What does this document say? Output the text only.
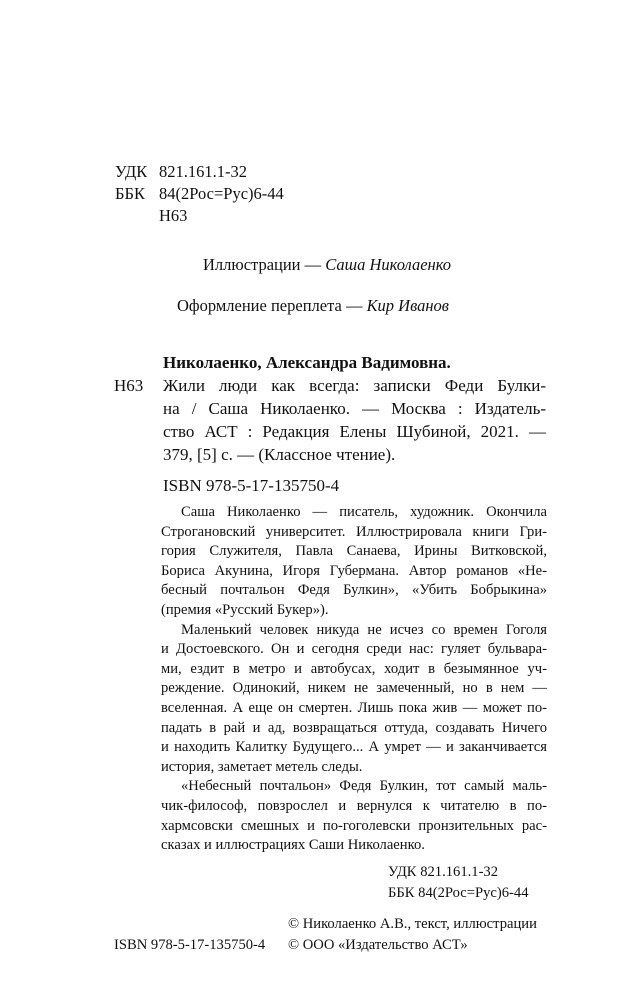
УДК 821.161.1-32
ББК 84(2Рос=Рус)6-44
Н63
Иллюстрации — Саша Николаенко
Оформление переплета — Кир Иванов
Николаенко, Александра Вадимовна.
Н63 Жили люди как всегда: записки Феди Булки-
на / Саша Николаенко. — Москва : Издатель-
ство АСТ : Редакция Елены Шубиной, 2021. —
379, [5] с. — (Классное чтение).
ISBN 978-5-17-135750-4
Саша Николаенко — писатель, художник. Окончила
Строгановский университет. Иллюстрировала книги Гри-
гория Служителя, Павла Санаева, Ирины Витковской,
Бориса Акунина, Игоря Губермана. Автор романов «Не-
бесный почтальон Федя Булкин», «Убить Бобрыкина»
(премия «Русский Букер»).
Маленький человек никуда не исчез со времен Гоголя
и Достоевского. Он и сегодня среди нас: гуляет бульвара-
ми, ездит в метро и автобусах, ходит в безымянное уч-
реждение. Одинокий, никем не замеченный, но в нем —
вселенная. А еще он смертен. Лишь пока жив — может по-
падать в рай и ад, возвращаться оттуда, создавать Ничего
и находить Калитку Будущего... А умрет — и заканчивается
история, заметает метель следы.
«Небесный почтальон» Федя Булкин, тот самый маль-
чик-философ, повзрослел и вернулся к читателю в по-
хармсовски смешных и по-гоголевски пронзительных рас-
сказах и иллюстрациях Саши Николаенко.
УДК 821.161.1-32
ББК 84(2Рос=Рус)6-44
ISBN 978-5-17-135750-4
© Николаенко А.В., текст, иллюстрации
© ООО «Издательство АСТ»
